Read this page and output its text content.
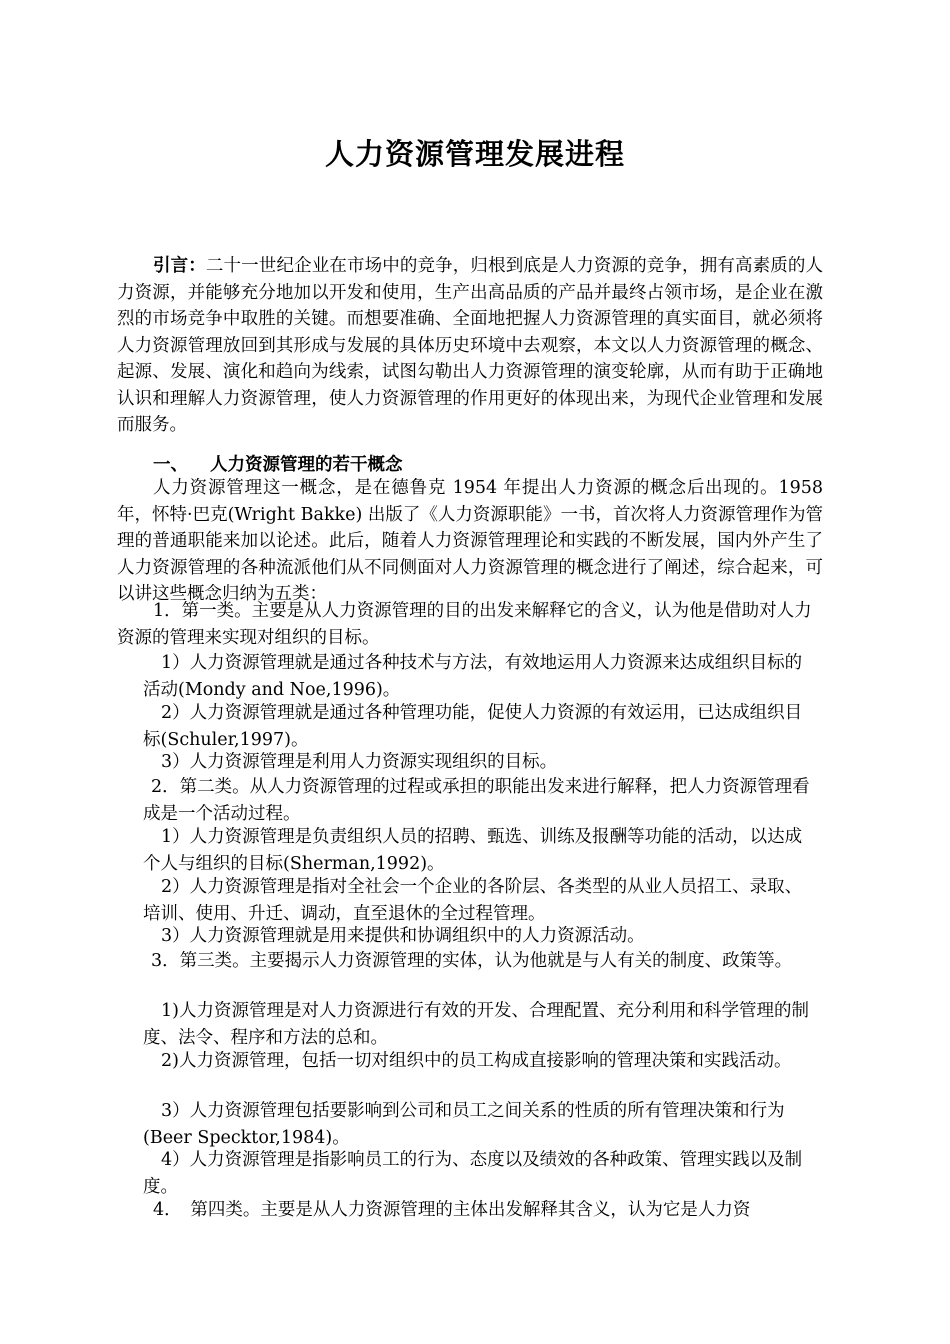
人力资源管理发展进程
引言：二十一世纪企业在市场中的竞争，归根到底是人力资源的竞争，拥有高素质的人力资源，并能够充分地加以开发和使用，生产出高品质的产品并最终占领市场，是企业在激烈的市场竞争中取胜的关键。而想要准确、全面地把握人力资源管理的真实面目，就必须将人力资源管理放回到其形成与发展的具体历史环境中去观察，本文以人力资源管理的概念、起源、发展、演化和趋向为线索，试图勾勒出人力资源管理的演变轮廓，从而有助于正确地认识和理解人力资源管理，使人力资源管理的作用更好的体现出来，为现代企业管理和发展而服务。
一、 人力资源管理的若干概念
人力资源管理这一概念，是在德鲁克 1954 年提出人力资源的概念后出现的。1958 年，怀特·巴克(Wright Bakke) 出版了《人力资源职能》一书，首次将人力资源管理作为管理的普通职能来加以论述。此后，随着人力资源管理理论和实践的不断发展，国内外产生了人力资源管理的各种流派他们从不同侧面对人力资源管理的概念进行了阐述，综合起来，可以讲这些概念归纳为五类：
1．第一类。主要是从人力资源管理的目的出发来解释它的含义，认为他是借助对人力资源的管理来实现对组织的目标。
1）人力资源管理就是通过各种技术与方法，有效地运用人力资源来达成组织目标的活动(Mondy and Noe,1996)。
2）人力资源管理就是通过各种管理功能，促使人力资源的有效运用，已达成组织目标(Schuler,1997)。
3）人力资源管理是利用人力资源实现组织的目标。
2．第二类。从人力资源管理的过程或承担的职能出发来进行解释，把人力资源管理看成是一个活动过程。
1）人力资源管理是负责组织人员的招聘、甄选、训练及报酬等功能的活动，以达成个人与组织的目标(Sherman,1992)。
2）人力资源管理是指对全社会一个企业的各阶层、各类型的从业人员招工、录取、培训、使用、升迁、调动，直至退休的全过程管理。
3）人力资源管理就是用来提供和协调组织中的人力资源活动。
3．第三类。主要揭示人力资源管理的实体，认为他就是与人有关的制度、政策等。
1)人力资源管理是对人力资源进行有效的开发、合理配置、充分利用和科学管理的制度、法令、程序和方法的总和。
2)人力资源管理，包括一切对组织中的员工构成直接影响的管理决策和实践活动。
3）人力资源管理包括要影响到公司和员工之间关系的性质的所有管理决策和行为(Beer Specktor,1984)。
4）人力资源管理是指影响员工的行为、态度以及绩效的各种政策、管理实践以及制度。
4．　第四类。主要是从人力资源管理的主体出发解释其含义，认为它是人力资
